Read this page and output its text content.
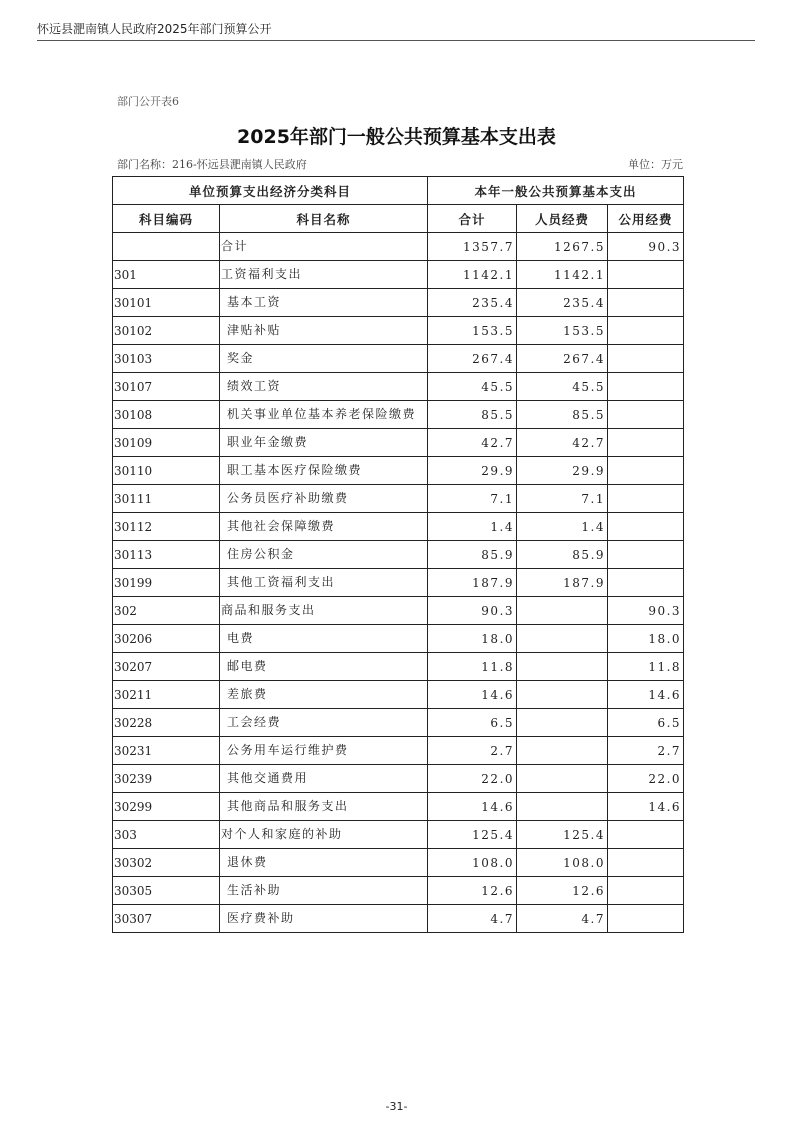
怀远县淝南镇人民政府2025年部门预算公开
部门公开表6
2025年部门一般公共预算基本支出表
部门名称：216-怀远县淝南镇人民政府	单位：万元
单位预算支出经济分类科目		本年一般公共预算基本支出		
科目编码	科目名称	合计	人员经费	公用经费
	合计	1357.7	1267.5	90.3
301	工资福利支出	1142.1	1142.1	
30101	基本工资	235.4	235.4	
30102	津贴补贴	153.5	153.5	
30103	奖金	267.4	267.4	
30107	绩效工资	45.5	45.5	
30108	机关事业单位基本养老保险缴费	85.5	85.5	
30109	职业年金缴费	42.7	42.7	
30110	职工基本医疗保险缴费	29.9	29.9	
30111	公务员医疗补助缴费	7.1	7.1	
30112	其他社会保障缴费	1.4	1.4	
30113	住房公积金	85.9	85.9	
30199	其他工资福利支出	187.9	187.9	
302	商品和服务支出	90.3		90.3
30206	电费	18.0		18.0
30207	邮电费	11.8		11.8
30211	差旅费	14.6		14.6
30228	工会经费	6.5		6.5
30231	公务用车运行维护费	2.7		2.7
30239	其他交通费用	22.0		22.0
30299	其他商品和服务支出	14.6		14.6
303	对个人和家庭的补助	125.4	125.4	
30302	退休费	108.0	108.0	
30305	生活补助	12.6	12.6	
30307	医疗费补助	4.7	4.7	
-31-
